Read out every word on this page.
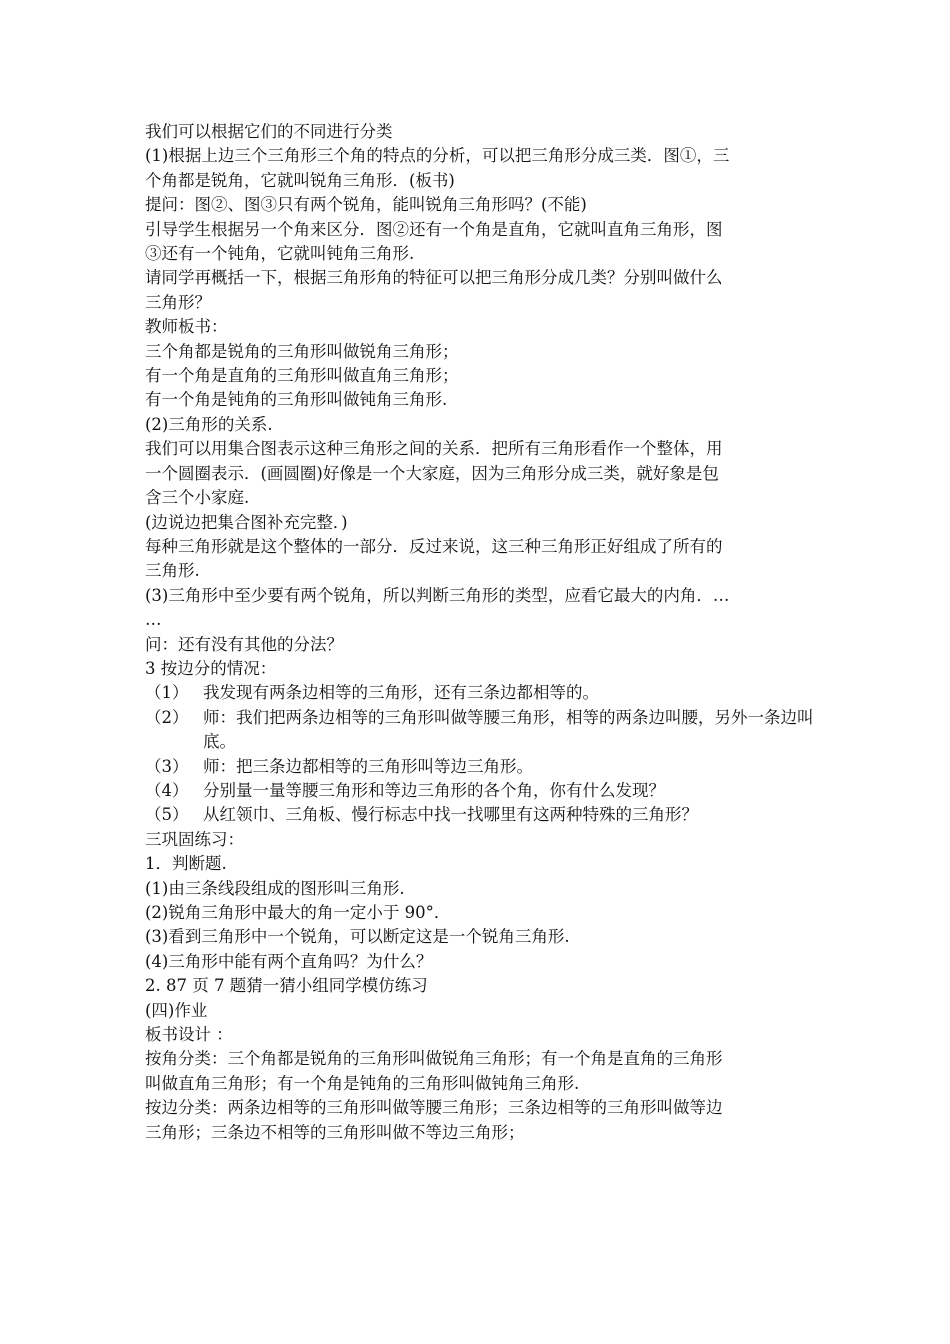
我们可以根据它们的不同进行分类
(1)根据上边三个三角形三个角的特点的分析，可以把三角形分成三类．图①，三
个角都是锐角，它就叫锐角三角形．(板书)
提问：图②、图③只有两个锐角，能叫锐角三角形吗？(不能)
引导学生根据另一个角来区分．图②还有一个角是直角，它就叫直角三角形，图
③还有一个钝角，它就叫钝角三角形.
请同学再概括一下，根据三角形角的特征可以把三角形分成几类？分别叫做什么
三角形？
教师板书：
三个角都是锐角的三角形叫做锐角三角形；
有一个角是直角的三角形叫做直角三角形；
有一个角是钝角的三角形叫做钝角三角形.
(2)三角形的关系.
我们可以用集合图表示这种三角形之间的关系．把所有三角形看作一个整体，用
一个圆圈表示．(画圆圈)好像是一个大家庭，因为三角形分成三类，就好象是包
含三个小家庭.
(边说边把集合图补充完整．)
每种三角形就是这个整体的一部分．反过来说，这三种三角形正好组成了所有的
三角形.
(3)三角形中至少要有两个锐角，所以判断三角形的类型，应看它最大的内角．…
…
问：还有没有其他的分法？
3 按边分的情况：
（1） 我发现有两条边相等的三角形，还有三条边都相等的。
（2） 师：我们把两条边相等的三角形叫做等腰三角形，相等的两条边叫腰，另外一条边叫底。
（3） 师：把三条边都相等的三角形叫等边三角形。
（4） 分别量一量等腰三角形和等边三角形的各个角，你有什么发现？
（5） 从红领巾、三角板、慢行标志中找一找哪里有这两种特殊的三角形？
三巩固练习：
1．判断题.
(1)由三条线段组成的图形叫三角形.
(2)锐角三角形中最大的角一定小于 90°．
(3)看到三角形中一个锐角，可以断定这是一个锐角三角形.
(4)三角形中能有两个直角吗？为什么？
2. 87 页 7 题猜一猜小组同学模仿练习
(四)作业
板书设计 ：
按角分类：三个角都是锐角的三角形叫做锐角三角形；有一个角是直角的三角形
叫做直角三角形；有一个角是钝角的三角形叫做钝角三角形.
按边分类：两条边相等的三角形叫做等腰三角形；三条边相等的三角形叫做等边
三角形；三条边不相等的三角形叫做不等边三角形；
